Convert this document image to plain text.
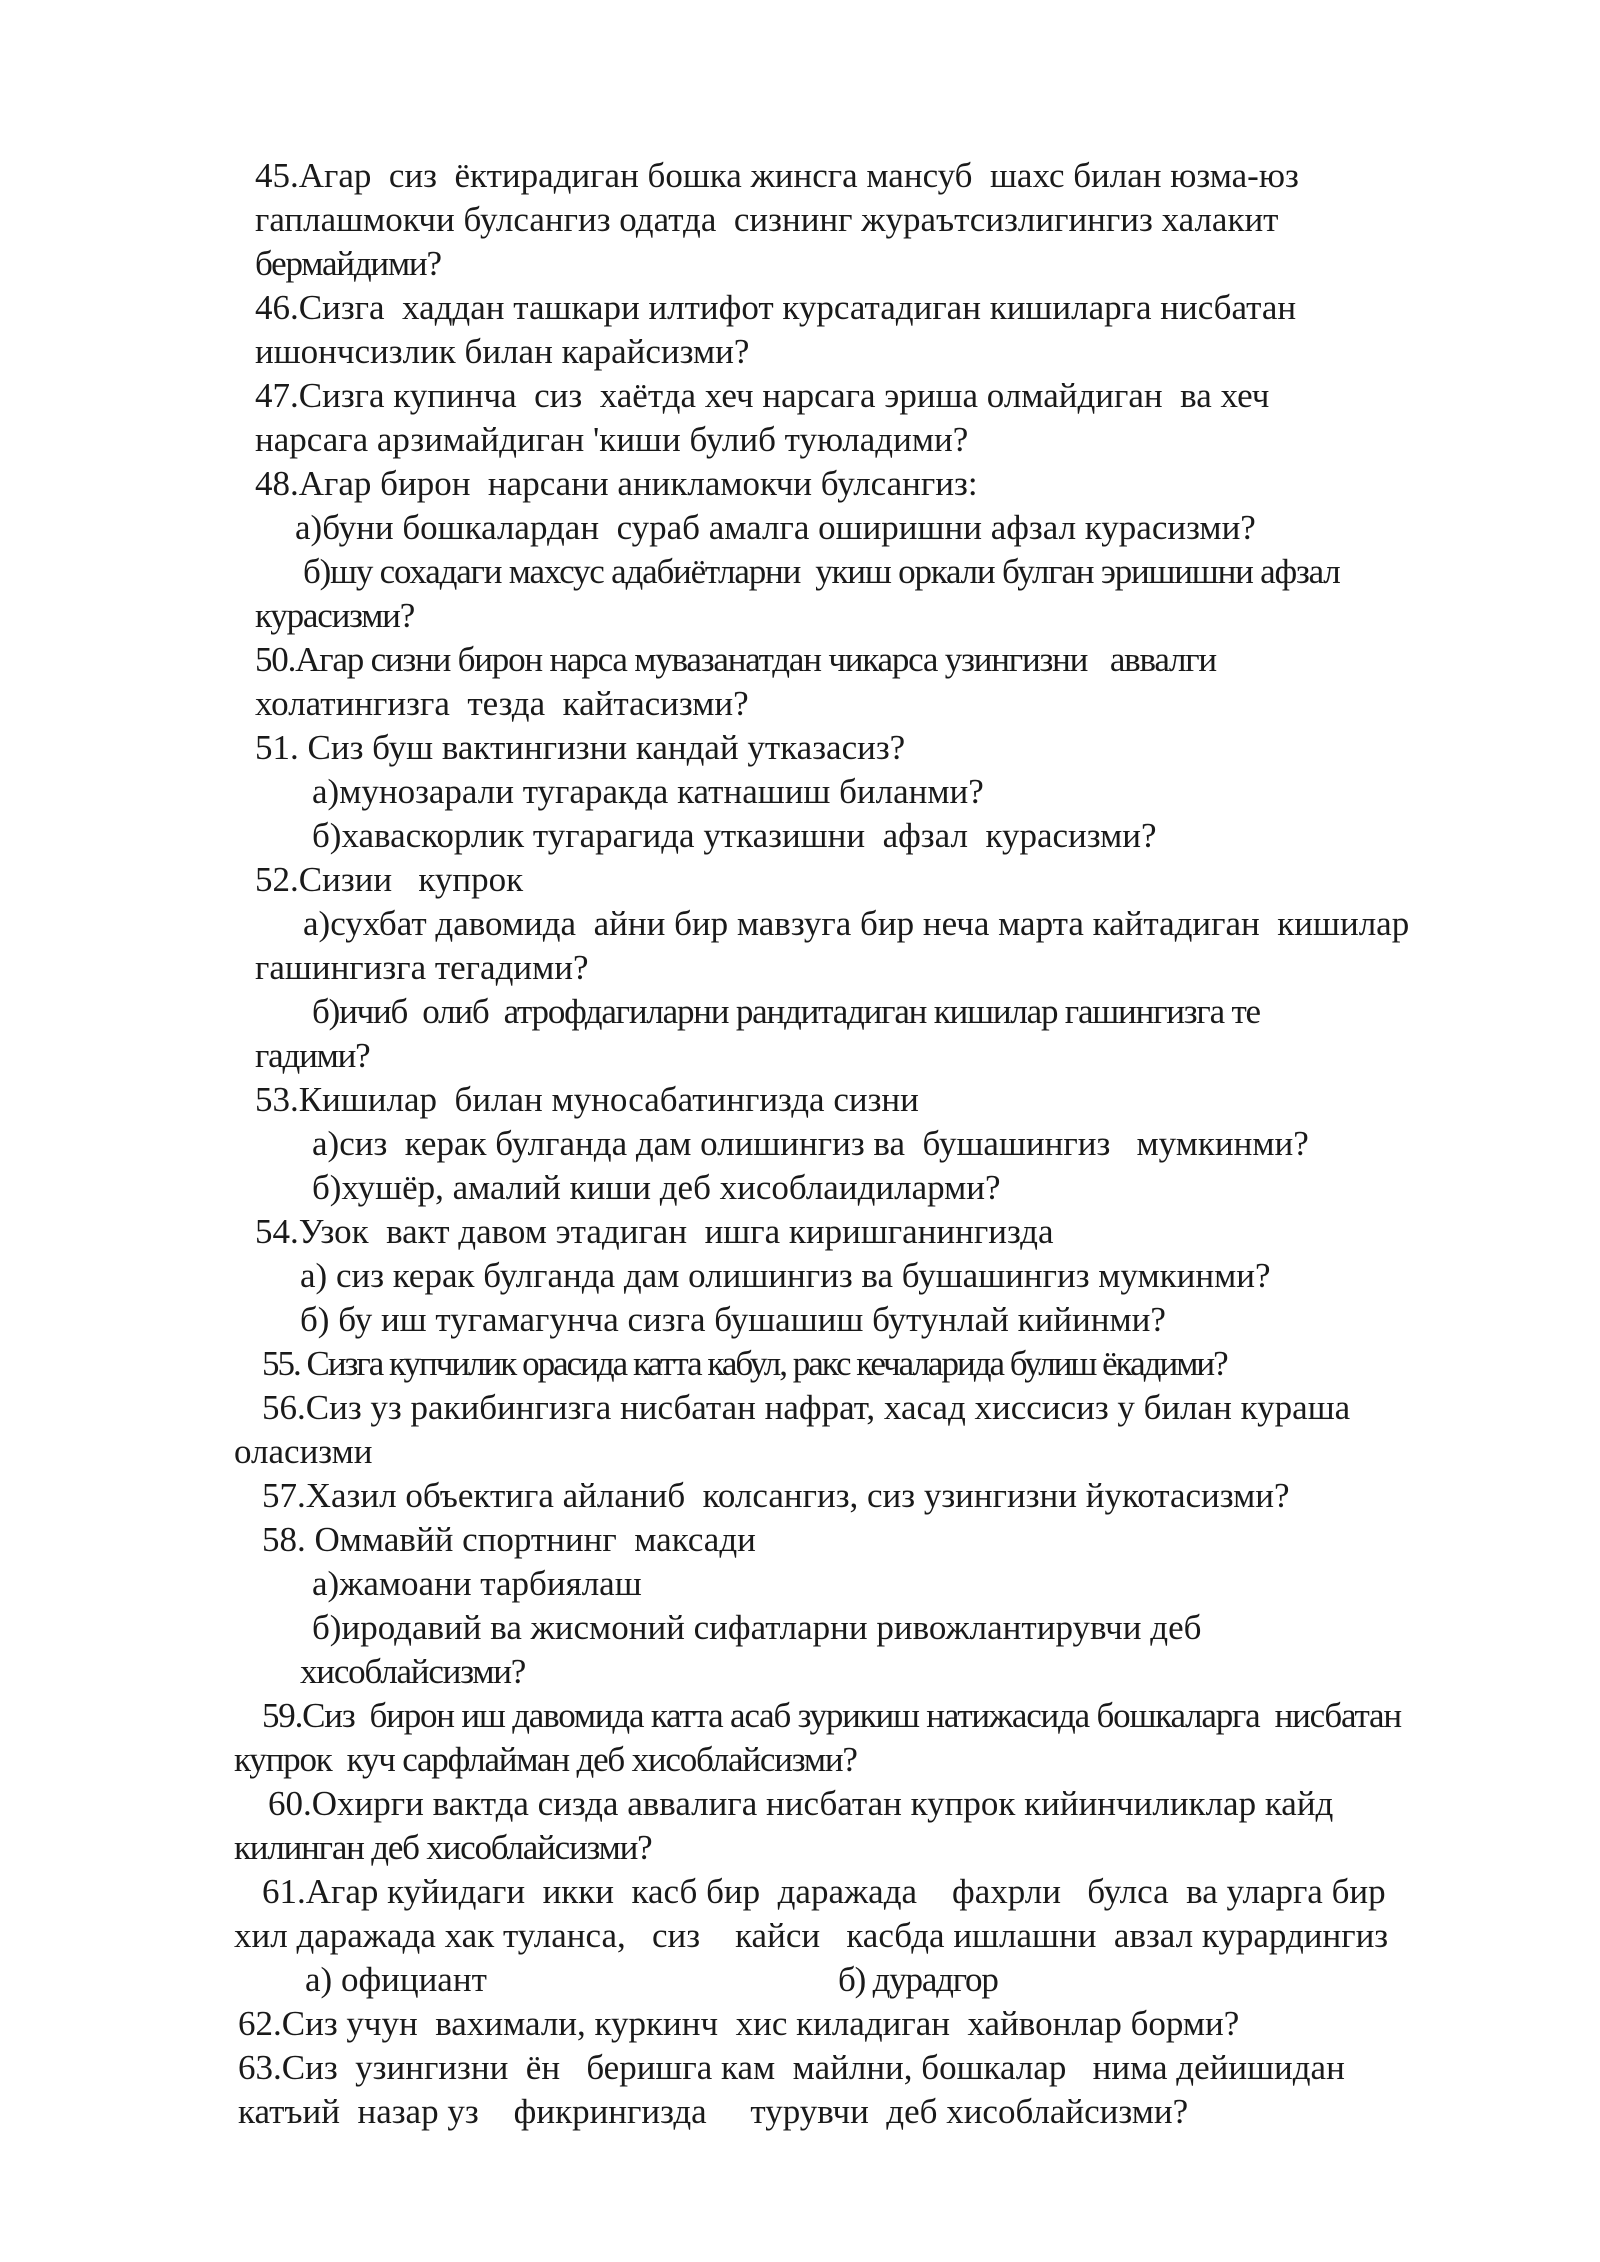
45.Агар  сиз  ёктирадиган бошка жинсга мансуб  шахс билан юзма-юз

гаплашмокчи булсангиз одатда  сизнинг жураътсизлигингиз халакит

бермайдими?

46.Сизга  хаддан ташкари илтифот курсатадиган кишиларга нисбатан

ишончсизлик билан карайсизми?

47.Сизга купинча  сиз  хаётда хеч нарсага эриша олмайдиган  ва хеч

нарсага арзимайдиган 'киши булиб туюладими?

48.Агар бирон  нарсани аникламокчи булсангиз:

а)буни бошкалардан  сураб амалга оширишни афзал курасизми?

б)шу сохадаги махсус адабиётларни  укиш оркали булган эришишни афзал

курасизми?

50.Агар сизни бирон нарса мувазанатдан чикарса узингизни   аввалги

холатингизга  тезда  кайтасизми?

51. Сиз буш вактингизни кандай утказасиз?

а)мунозарали тугаракда катнашиш биланми?

б)хаваскорлик тугарагида утказишни  афзал  курасизми?

52.Сизии   купрок

а)сухбат давомида  айни бир мавзуга бир неча марта кайтадиган  кишилар

гашингизга тегадими?

б)ичиб  олиб  атрофдагиларни рандитадиган кишилар гашингизга те

гадими?

53.Кишилар  билан муносабатингизда сизни

а)сиз  керак булганда дам олишингиз ва  бушашингиз   мумкинми?

б)хушёр, амалий киши деб хисоблаидиларми?

54.Узок  вакт давом этадиган  ишга киришганингизда

а) сиз керак булганда дам олишингиз ва бушашингиз мумкинми?

б) бу иш тугамагунча сизга бушашиш бутунлай кийинми?

55. Сизга купчилик орасида катта кабул, ракс кечаларида булиш ёкадими?

56.Сиз уз ракибингизга нисбатан нафрат, хасад хиссисиз у билан кураша

оласизми

57.Хазил объектига айланиб  колсангиз, сиз узингизни йукотасизми?

58. Оммавйй спортнинг  максади

а)жамоани тарбиялаш

б)иродавий ва жисмоний сифатларни ривожлантирувчи деб

хисоблайсизми?

59.Сиз  бирон иш давомида катта асаб зурикиш натижасида бошкаларга  нисбатан

купрок  куч сарфлайман деб хисоблайсизми?

60.Охирги вактда сизда аввалига нисбатан купрок кийинчиликлар кайд

килинган деб хисоблайсизми?

61.Агар куйидаги  икки  касб бир  даражада    фахрли   булса  ва уларга бир

хил даражада хак туланса,   сиз    кайси   касбда ишлашни  авзал курардингиз

а) официант	б) дурадгор

62.Сиз учун  вахимали, куркинч  хис киладиган  хайвонлар борми?

63.Сиз  узингизни  ён   беришга кам  майлни, бошкалар   нима дейишидан

катъий  назар уз    фикрингизда     турувчи  деб хисоблайсизми?
